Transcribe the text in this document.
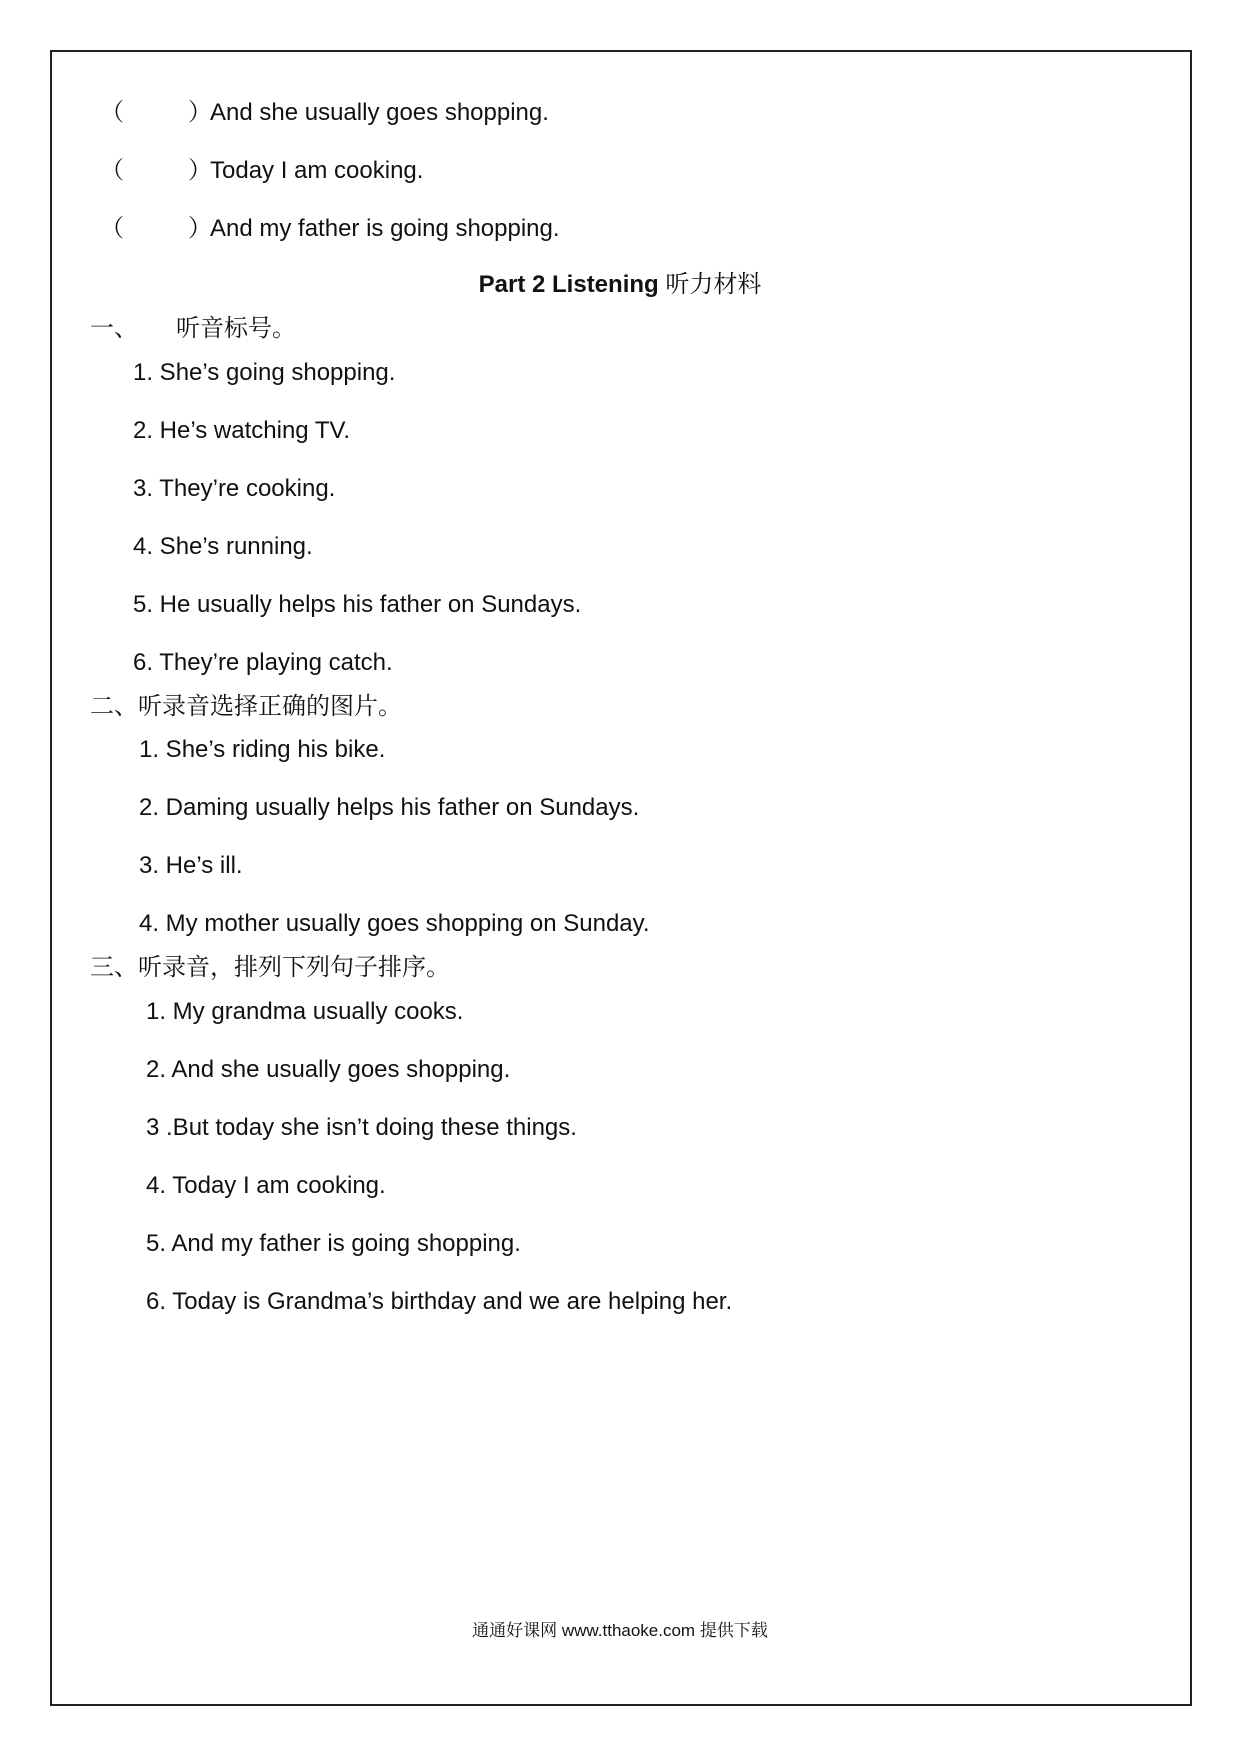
（	）And she usually goes shopping.
（	）Today I am cooking.
（	）And my father is going shopping.
Part 2 Listening 听力材料
一、 听音标号。
1. She’s going shopping.
2. He’s watching TV.
3. They’re cooking.
4. She’s running.
5. He usually helps his father on Sundays.
6. They’re playing catch.
二、听录音选择正确的图片。
1. She’s riding his bike.
2. Daming usually helps his father on Sundays.
3. He’s ill.
4. My mother usually goes shopping on Sunday.
三、听录音，排列下列句子排序。
1. My grandma usually cooks.
2. And she usually goes shopping.
3 .But today she isn’t doing these things.
4. Today I am cooking.
5. And my father is going shopping.
6. Today is Grandma’s birthday and we are helping her.
通通好课网 www.tthaoke.com 提供下载
